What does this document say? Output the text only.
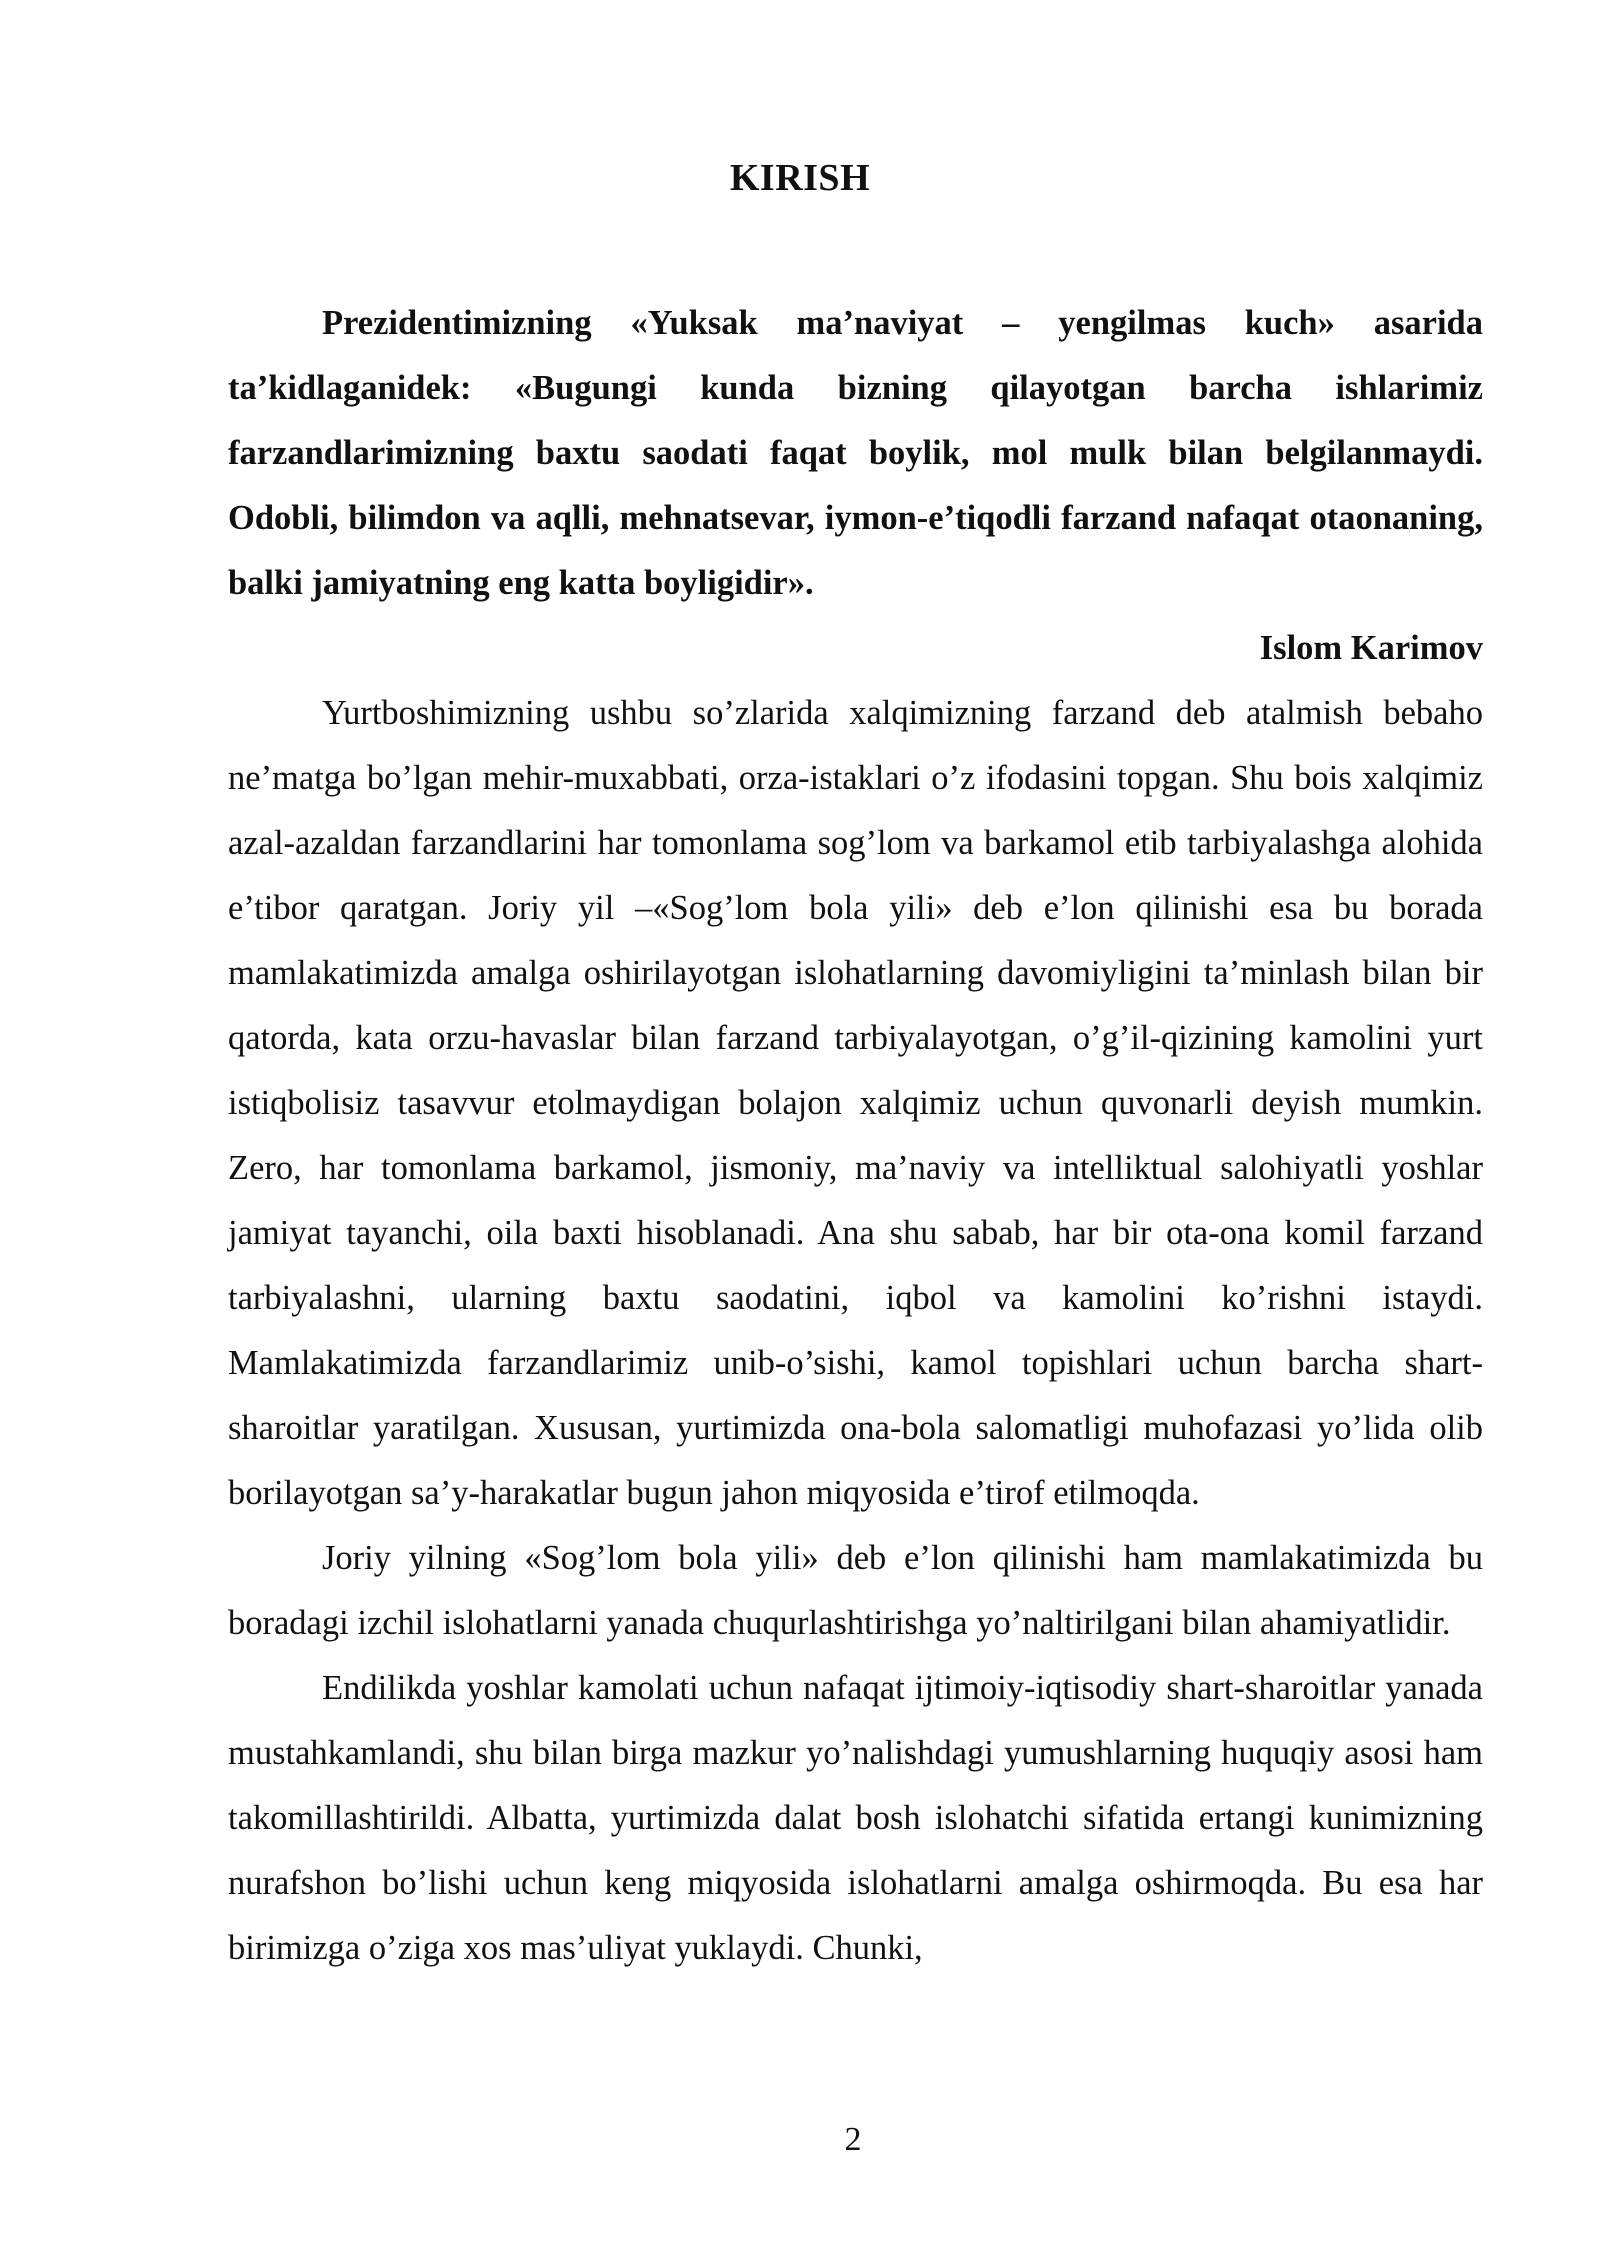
KIRISH

Prezidentimizning «Yuksak ma’naviyat – yengilmas kuch» asarida ta’kidlaganidek: «Bugungi kunda bizning qilayotgan barcha ishlarimiz farzandlarimizning baxtu saodati faqat boylik, mol mulk bilan belgilanmaydi. Odobli, bilimdon va aqlli, mehnatsevar, iymon-e’tiqodli farzand nafaqat otaonaning, balki jamiyatning eng katta boyligidir».

Islom Karimov

Yurtboshimizning ushbu so’zlarida xalqimizning farzand deb atalmish bebaho ne’matga bo’lgan mehir-muxabbati, orza-istaklari o’z ifodasini topgan. Shu bois xalqimiz azal-azaldan farzandlarini har tomonlama sog’lom va barkamol etib tarbiyalashga alohida e’tibor qaratgan. Joriy yil –«Sog’lom bola yili» deb e’lon qilinishi esa bu borada mamlakatimizda amalga oshirilayotgan islohatlarning davomiyligini ta’minlash bilan bir qatorda, kata orzu-havaslar bilan farzand tarbiyalayotgan, o’g’il-qizining kamolini yurt istiqbolisiz tasavvur etolmaydigan bolajon xalqimiz uchun quvonarli deyish mumkin. Zero, har tomonlama barkamol, jismoniy, ma’naviy va intelliktual salohiyatli yoshlar jamiyat tayanchi, oila baxti hisoblanadi. Ana shu sabab, har bir ota-ona komil farzand tarbiyalashni, ularning baxtu saodatini, iqbol va kamolini ko’rishni istaydi. Mamlakatimizda farzandlarimiz unib-o’sishi, kamol topishlari uchun barcha shart-sharoitlar yaratilgan. Xususan, yurtimizda ona-bola salomatligi muhofazasi yo’lida olib borilayotgan sa’y-harakatlar bugun jahon miqyosida e’tirof etilmoqda.

Joriy yilning «Sog’lom bola yili» deb e’lon qilinishi ham mamlakatimizda bu boradagi izchil islohatlarni yanada chuqurlashtirishga yo’naltirilgani bilan ahamiyatlidir.

Endilikda yoshlar kamolati uchun nafaqat ijtimoiy-iqtisodiy shart-sharoitlar yanada mustahkamlandi, shu bilan birga mazkur yo’nalishdagi yumushlarning huquqiy asosi ham takomillashtirildi. Albatta, yurtimizda dalat bosh islohatchi sifatida ertangi kunimizning nurafshon bo’lishi uchun keng miqyosida islohatlarni amalga oshirmoqda. Bu esa har birimizga o’ziga xos mas’uliyat yuklaydi. Chunki,

2
